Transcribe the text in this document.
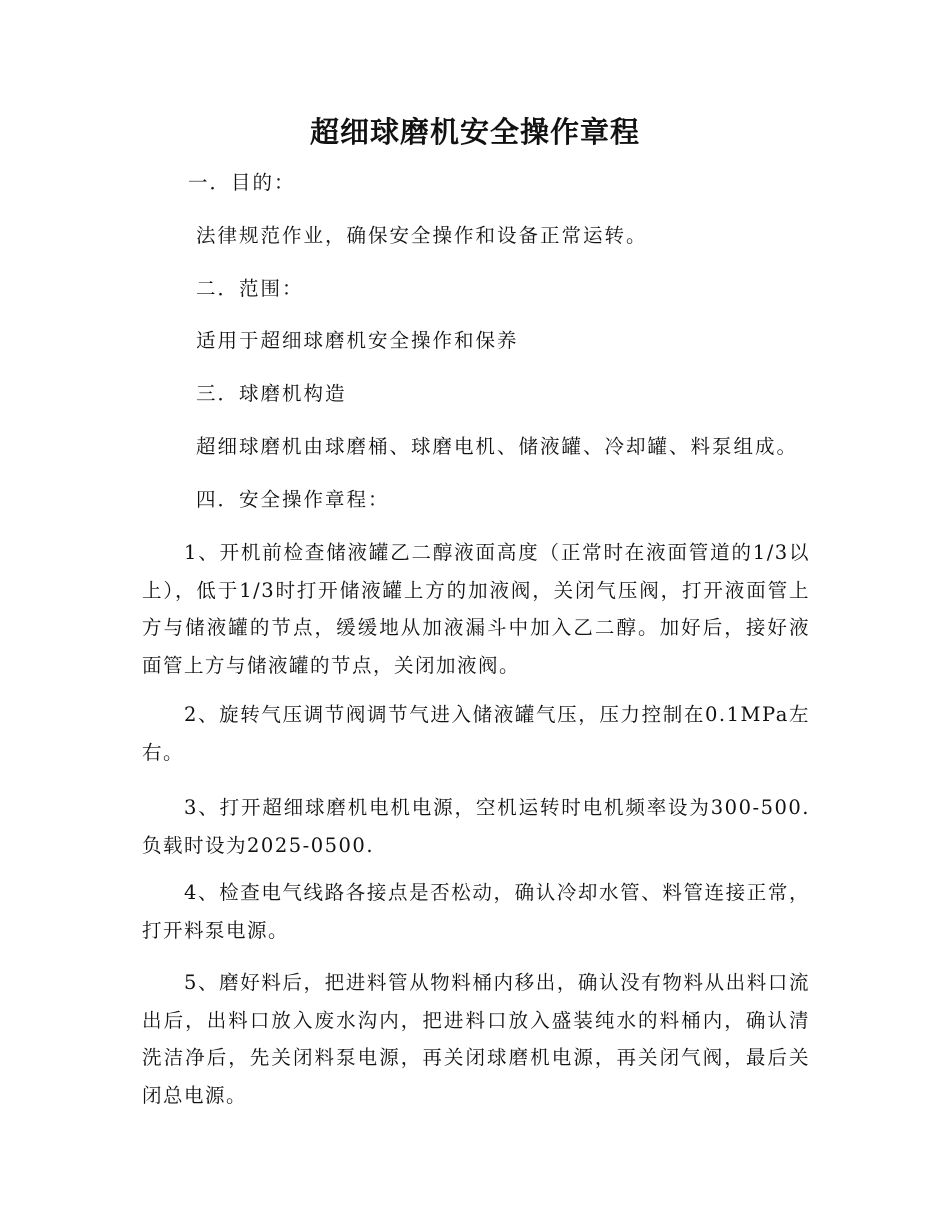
超细球磨机安全操作章程
一．目的：
法律规范作业，确保安全操作和设备正常运转。
二．范围：
适用于超细球磨机安全操作和保养
三．球磨机构造
超细球磨机由球磨桶、球磨电机、储液罐、冷却罐、料泵组成。
四．安全操作章程：
1、开机前检查储液罐乙二醇液面高度（正常时在液面管道的1/3以上），低于1/3时打开储液罐上方的加液阀，关闭气压阀，打开液面管上方与储液罐的节点，缓缓地从加液漏斗中加入乙二醇。加好后，接好液面管上方与储液罐的节点，关闭加液阀。
2、旋转气压调节阀调节气进入储液罐气压，压力控制在0.1MPa左右。
3、打开超细球磨机电机电源，空机运转时电机频率设为300-500.负载时设为2025-0500.
4、检查电气线路各接点是否松动，确认冷却水管、料管连接正常，打开料泵电源。
5、磨好料后，把进料管从物料桶内移出，确认没有物料从出料口流出后，出料口放入废水沟内，把进料口放入盛装纯水的料桶内，确认清洗洁净后，先关闭料泵电源，再关闭球磨机电源，再关闭气阀，最后关闭总电源。
